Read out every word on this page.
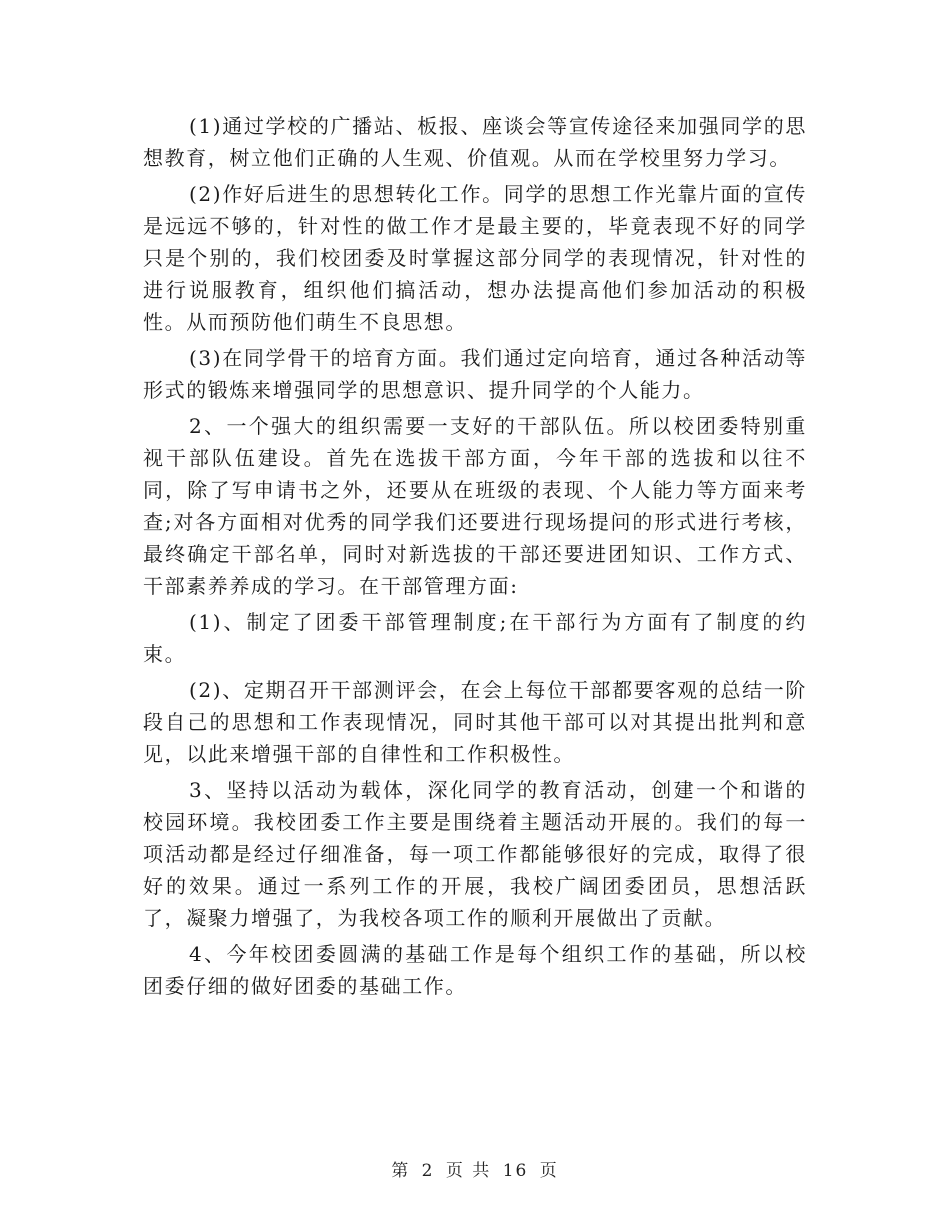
(1)通过学校的广播站、板报、座谈会等宣传途径来加强同学的思想教育，树立他们正确的人生观、价值观。从而在学校里努力学习。

(2)作好后进生的思想转化工作。同学的思想工作光靠片面的宣传是远远不够的，针对性的做工作才是最主要的，毕竟表现不好的同学只是个别的，我们校团委及时掌握这部分同学的表现情况，针对性的进行说服教育，组织他们搞活动，想办法提高他们参加活动的积极性。从而预防他们萌生不良思想。

(3)在同学骨干的培育方面。我们通过定向培育，通过各种活动等形式的锻炼来增强同学的思想意识、提升同学的个人能力。

2、一个强大的组织需要一支好的干部队伍。所以校团委特别重视干部队伍建设。首先在选拔干部方面，今年干部的选拔和以往不同，除了写申请书之外，还要从在班级的表现、个人能力等方面来考查;对各方面相对优秀的同学我们还要进行现场提问的形式进行考核，最终确定干部名单，同时对新选拔的干部还要进团知识、工作方式、干部素养养成的学习。在干部管理方面:

(1)、制定了团委干部管理制度;在干部行为方面有了制度的约束。

(2)、定期召开干部测评会，在会上每位干部都要客观的总结一阶段自己的思想和工作表现情况，同时其他干部可以对其提出批判和意见，以此来增强干部的自律性和工作积极性。

3、坚持以活动为载体，深化同学的教育活动，创建一个和谐的校园环境。我校团委工作主要是围绕着主题活动开展的。我们的每一项活动都是经过仔细准备，每一项工作都能够很好的完成，取得了很好的效果。通过一系列工作的开展，我校广阔团委团员，思想活跃了，凝聚力增强了，为我校各项工作的顺利开展做出了贡献。

4、今年校团委圆满的基础工作是每个组织工作的基础，所以校团委仔细的做好团委的基础工作。

第 2 页 共 16 页
